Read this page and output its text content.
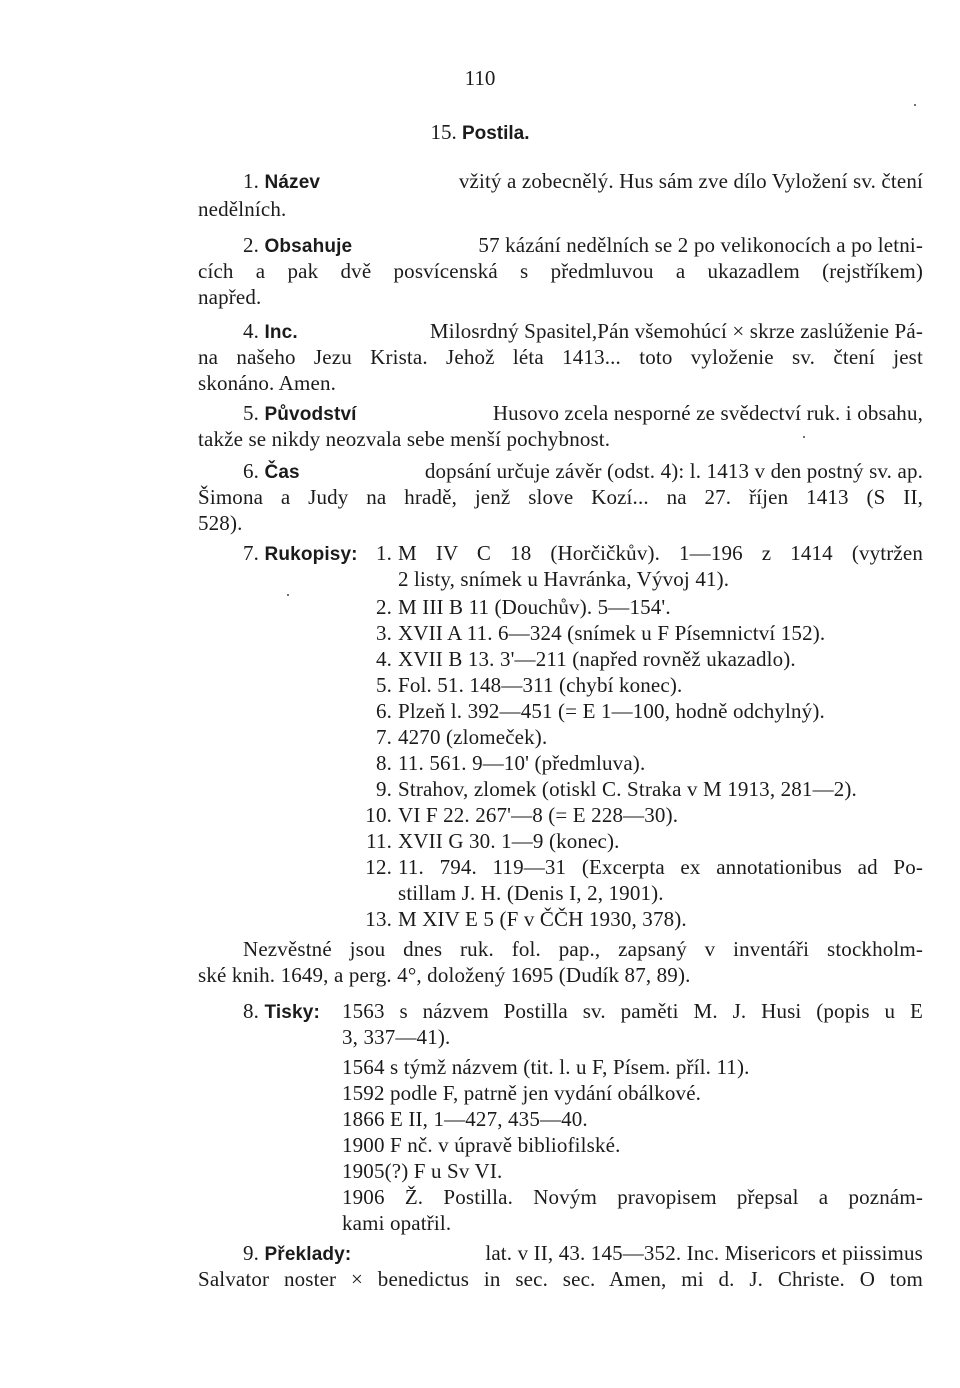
110
15. Postila.
1. Název	vžitý a zobecnělý. Hus sám zve dílo Vyložení sv. čtení
nedělních.
2. Obsahuje	57 kázání nedělních se 2 po velikonocích a po letni-
cích a pak dvě posvícenská s předmluvou a ukazadlem (rejstříkem)
napřed.
4. Inc.	Milosrdný Spasitel,Pán všemohúcí × skrze zaslúženie Pá-
na našeho Jezu Krista. Jehož léta 1413... toto vyloženie sv. čtení jest
skonáno. Amen.
5. Původství	Husovo zcela nesporné ze svědectví ruk. i obsahu,
takže se nikdy neozvala sebe menší pochybnost.
6. Čas	dopsání určuje závěr (odst. 4): l. 1413 v den postný sv. ap.
Šimona a Judy na hradě, jenž slove Kozí... na 27. říjen 1413 (S II,
528).
7. Rukopisy: 1. M IV C 18 (Horčičkův). 1—196 z 1414 (vytržen
2 listy, snímek u Havránka, Vývoj 41).
2. M III B 11 (Douchův). 5—154'.
3. XVII A 11. 6—324 (snímek u F Písemnictví 152).
4. XVII B 13. 3'—211 (napřed rovněž ukazadlo).
5. Fol. 51. 148—311 (chybí konec).
6. Plzeň l. 392—451 (= E 1—100, hodně odchylný).
7. 4270 (zlomeček).
8. 11. 561. 9—10' (předmluva).
9. Strahov, zlomek (otiskl C. Straka v M 1913, 281—2).
10. VI F 22. 267'—8 (= E 228—30).
11. XVII G 30. 1—9 (konec).
12. 11. 794. 119—31 (Excerpta ex annotationibus ad Po-
stillam J. H. (Denis I, 2, 1901).
13. M XIV E 5 (F v ČČH 1930, 378).
Nezvěstné jsou dnes ruk. fol. pap., zapsaný v inventáři stockholm-
ské knih. 1649, a perg. 4°, doložený 1695 (Dudík 87, 89).
8. Tisky: 1563 s názvem Postilla sv. paměti M. J. Husi (popis u E
3, 337—41).
1564 s týmž názvem (tit. l. u F, Písem. příl. 11).
1592 podle F, patrně jen vydání obálkové.
1866 E II, 1—427, 435—40.
1900 F nč. v úpravě bibliofilské.
1905(?) F u Sv VI.
1906 Ž. Postilla. Novým pravopisem přepsal a poznám-
kami opatřil.
9. Překlady:	lat. v II, 43. 145—352. Inc. Misericors et piissimus
Salvator noster × benedictus in sec. sec. Amen, mi d. J. Christe. O tom
